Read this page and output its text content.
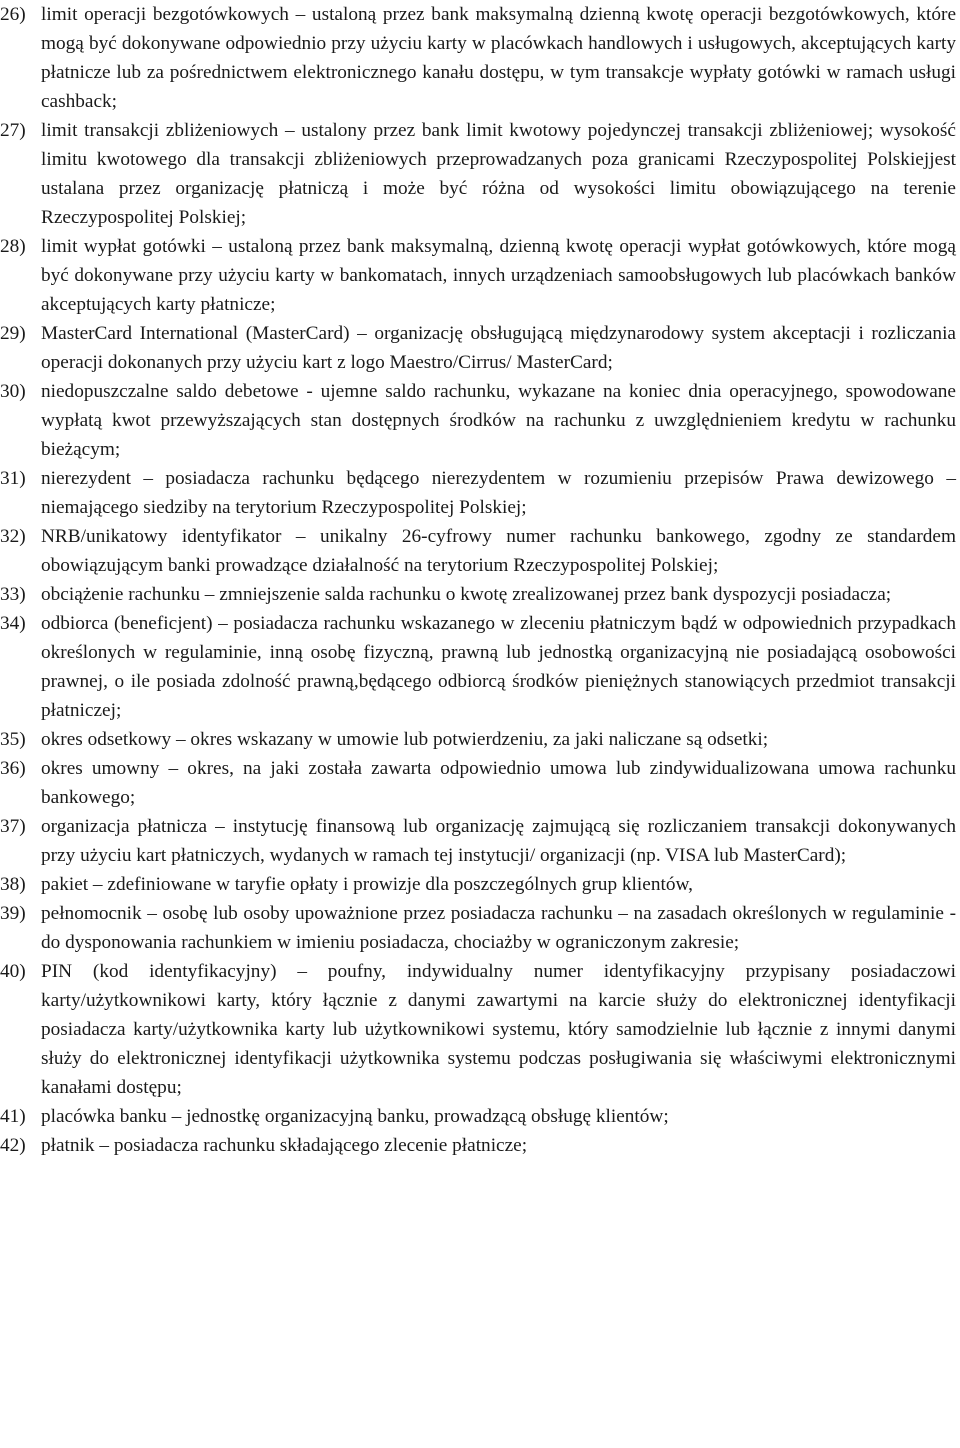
26) limit operacji bezgotówkowych – ustaloną przez bank maksymalną dzienną kwotę operacji bezgotówkowych, które mogą być dokonywane odpowiednio przy użyciu karty w placówkach handlowych i usługowych, akceptujących karty płatnicze lub za pośrednictwem elektronicznego kanału dostępu, w tym transakcje wypłaty gotówki w ramach usługi cashback;
27) limit transakcji zbliżeniowych – ustalony przez bank limit kwotowy pojedynczej transakcji zbliżeniowej; wysokość limitu kwotowego dla transakcji zbliżeniowych przeprowadzanych poza granicami Rzeczypospolitej Polskiejjest ustalana przez organizację płatniczą i może być różna od wysokości limitu obowiązującego na terenie Rzeczypospolitej Polskiej;
28) limit wypłat gotówki – ustaloną przez bank maksymalną, dzienną kwotę operacji wypłat gotówkowych, które mogą być dokonywane przy użyciu karty w bankomatach, innych urządzeniach samoobsługowych lub placówkach banków akceptujących karty płatnicze;
29) MasterCard International (MasterCard) – organizację obsługującą międzynarodowy system akceptacji i rozliczania operacji dokonanych przy użyciu kart z logo Maestro/Cirrus/ MasterCard;
30) niedopuszczalne saldo debetowe - ujemne saldo rachunku, wykazane na koniec dnia operacyjnego, spowodowane wypłatą kwot przewyższających stan dostępnych środków na rachunku z uwzględnieniem kredytu w rachunku bieżącym;
31) nierezydent – posiadacza rachunku będącego nierezydentem w rozumieniu przepisów Prawa dewizowego – niemającego siedziby na terytorium Rzeczypospolitej Polskiej;
32) NRB/unikatowy identyfikator – unikalny 26-cyfrowy numer rachunku bankowego, zgodny ze standardem obowiązującym banki prowadzące działalność na terytorium Rzeczypospolitej Polskiej;
33) obciążenie rachunku – zmniejszenie salda rachunku o kwotę zrealizowanej przez bank dyspozycji posiadacza;
34) odbiorca (beneficjent) – posiadacza rachunku wskazanego w zleceniu płatniczym bądź w odpowiednich przypadkach określonych w regulaminie, inną osobę fizyczną, prawną lub jednostką organizacyjną nie posiadającą osobowości prawnej, o ile posiada zdolność prawną,będącego odbiorcą środków pieniężnych stanowiących przedmiot transakcji płatniczej;
35) okres odsetkowy – okres wskazany w umowie lub potwierdzeniu, za jaki naliczane są odsetki;
36) okres umowny – okres, na jaki została zawarta odpowiednio umowa lub zindywidualizowana umowa rachunku bankowego;
37) organizacja płatnicza – instytucję finansową lub organizację zajmującą się rozliczaniem transakcji dokonywanych przy użyciu kart płatniczych, wydanych w ramach tej instytucji/ organizacji (np. VISA lub MasterCard);
38) pakiet – zdefiniowane w taryfie opłaty i prowizje dla poszczególnych grup klientów,
39) pełnomocnik – osobę lub osoby upoważnione przez posiadacza rachunku – na zasadach określonych w regulaminie - do dysponowania rachunkiem w imieniu posiadacza, chociażby w ograniczonym zakresie;
40) PIN (kod identyfikacyjny) – poufny, indywidualny numer identyfikacyjny przypisany posiadaczowi karty/użytkownikowi karty, który łącznie z danymi zawartymi na karcie służy do elektronicznej identyfikacji posiadacza karty/użytkownika karty lub użytkownikowi systemu, który samodzielnie lub łącznie z innymi danymi służy do elektronicznej identyfikacji użytkownika systemu podczas posługiwania się właściwymi elektronicznymi kanałami dostępu;
41) placówka banku – jednostkę organizacyjną banku, prowadzącą obsługę klientów;
42) płatnik – posiadacza rachunku składającego zlecenie płatnicze;
